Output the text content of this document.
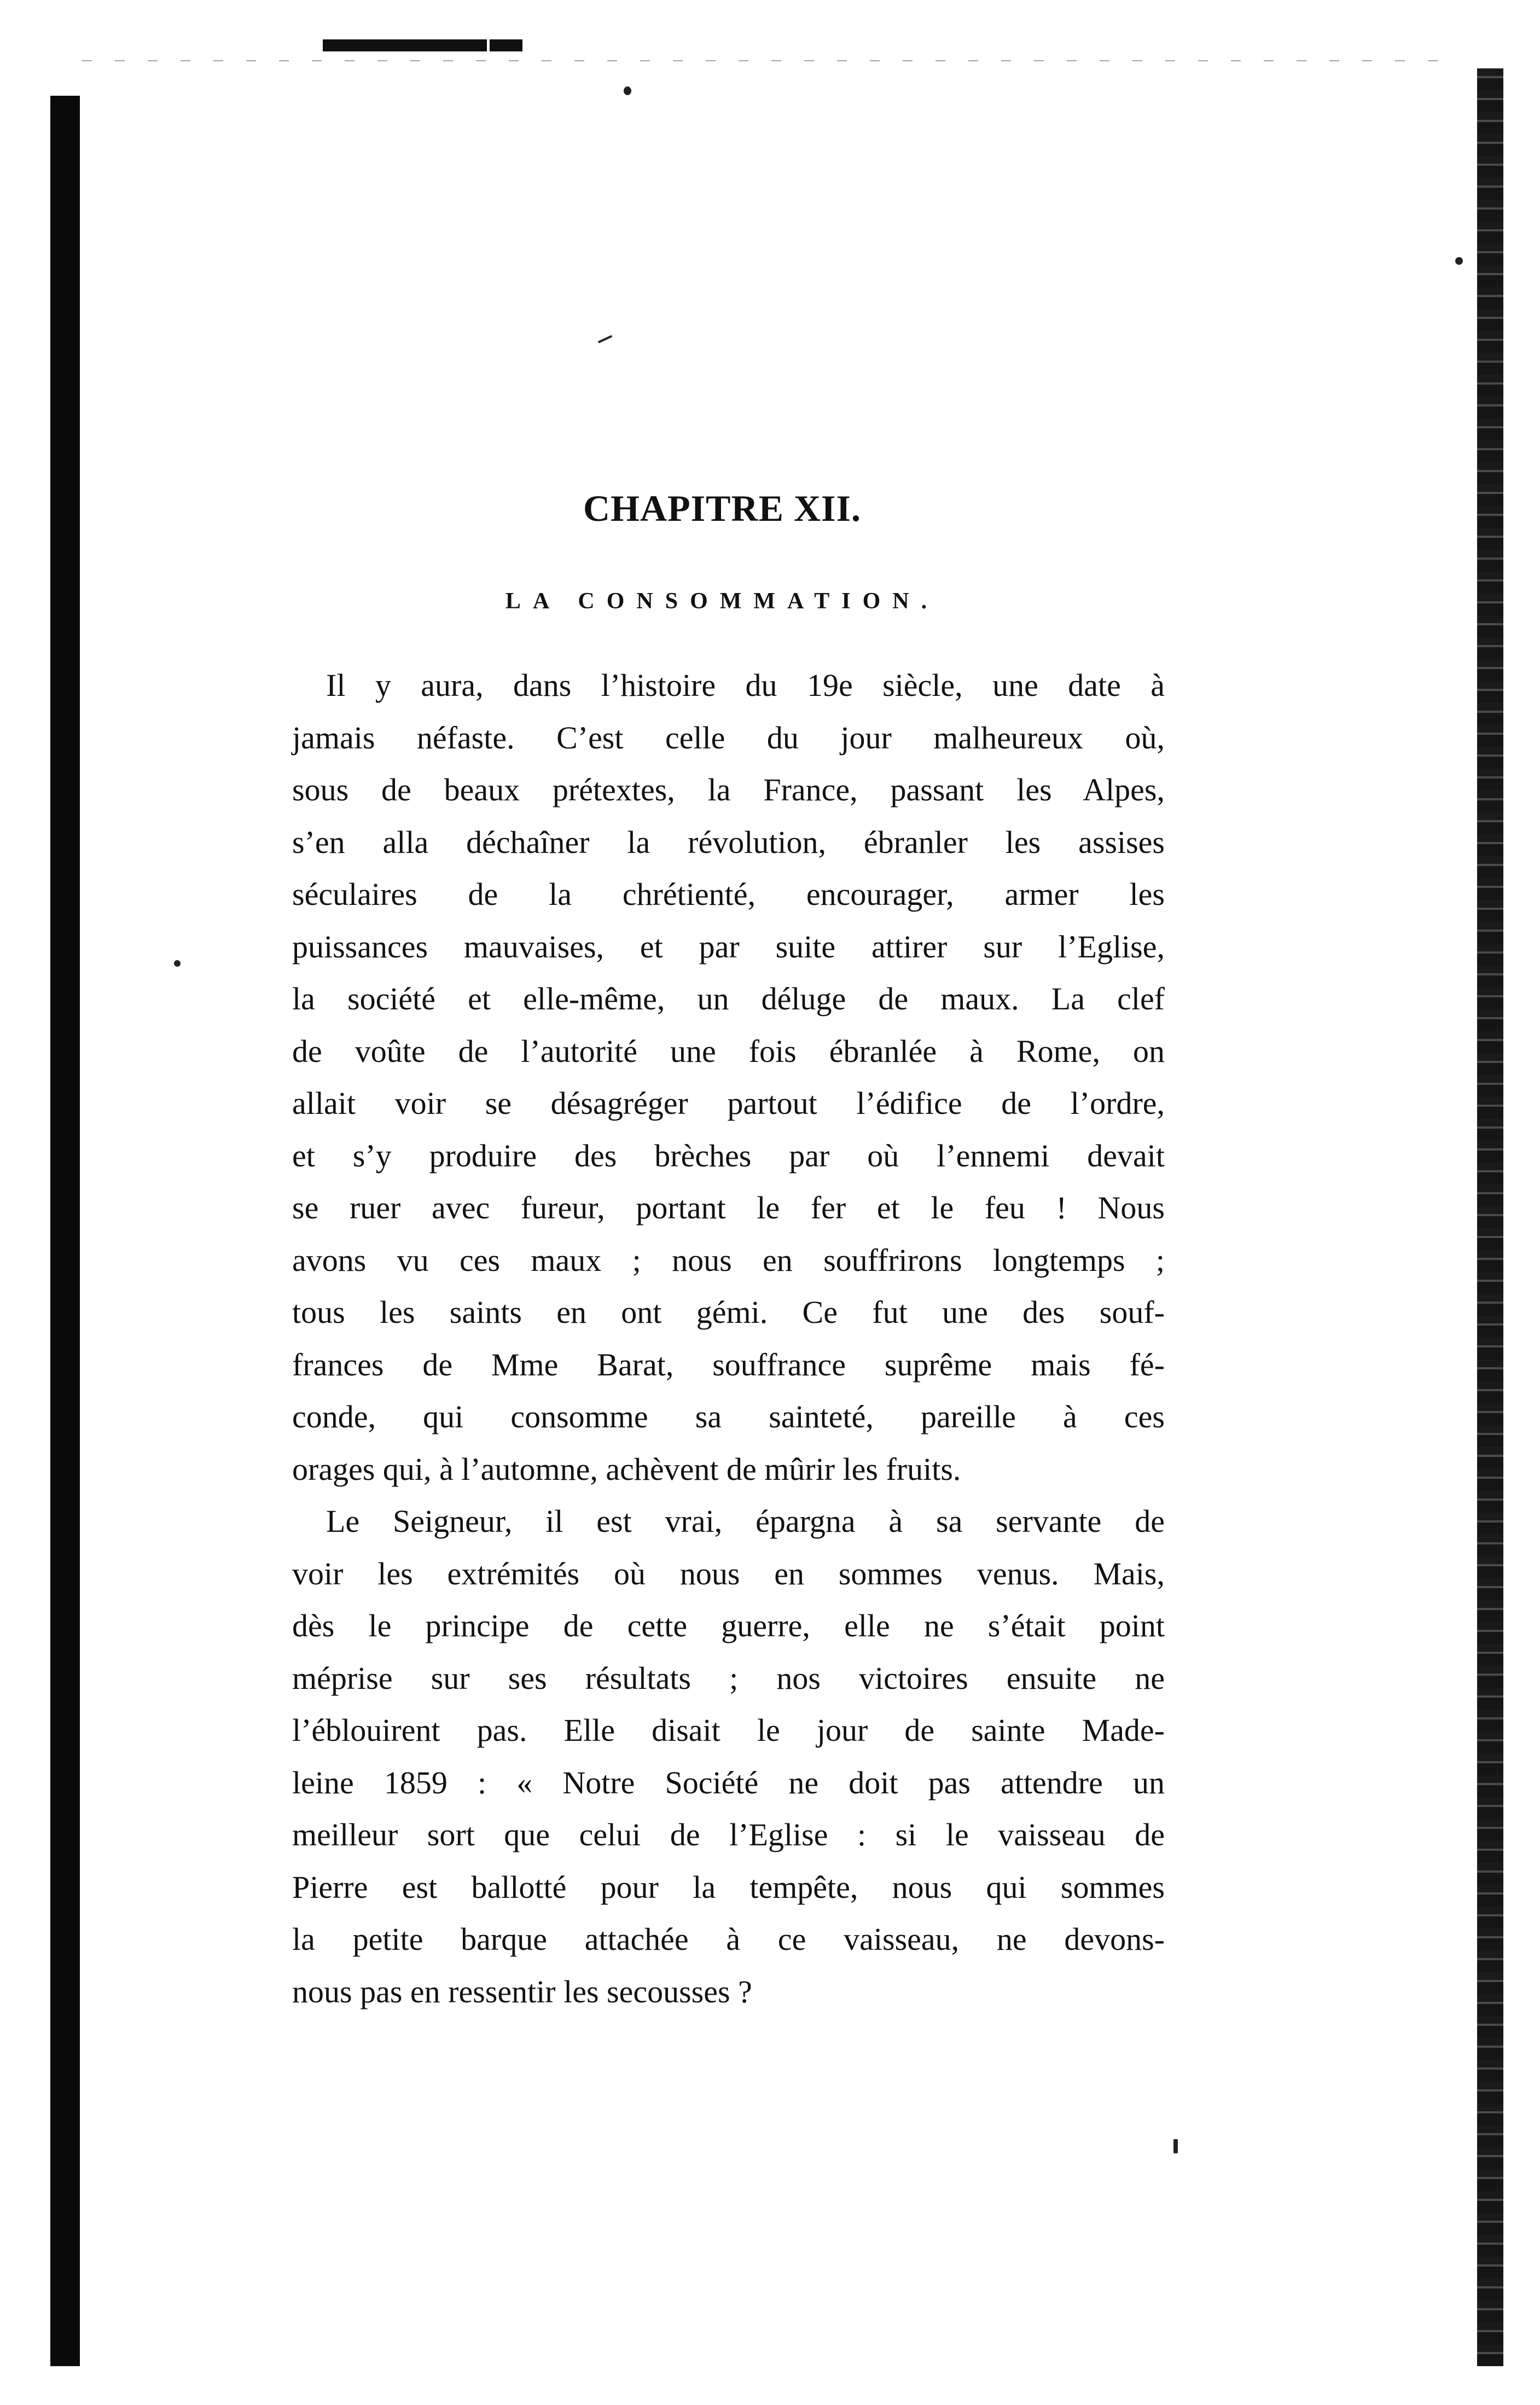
CHAPITRE XII.
LA CONSOMMATION.
Il y aura, dans l’histoire du 19e siècle, une date à
jamais néfaste. C’est celle du jour malheureux où,
sous de beaux prétextes, la France, passant les Alpes,
s’en alla déchaîner la révolution, ébranler les assises
séculaires de la chrétienté, encourager, armer les
puissances mauvaises, et par suite attirer sur l’Eglise,
la société et elle-même, un déluge de maux. La clef
de voûte de l’autorité une fois ébranlée à Rome, on
allait voir se désagréger partout l’édifice de l’ordre,
et s’y produire des brèches par où l’ennemi devait
se ruer avec fureur, portant le fer et le feu ! Nous
avons vu ces maux ; nous en souffrirons longtemps ;
tous les saints en ont gémi. Ce fut une des souf-
frances de Mme Barat, souffrance suprême mais fé-
conde, qui consomme sa sainteté, pareille à ces
orages qui, à l’automne, achèvent de mûrir les fruits.
Le Seigneur, il est vrai, épargna à sa servante de
voir les extrémités où nous en sommes venus. Mais,
dès le principe de cette guerre, elle ne s’était point
méprise sur ses résultats ; nos victoires ensuite ne
l’éblouirent pas. Elle disait le jour de sainte Made-
leine 1859 : « Notre Société ne doit pas attendre un
meilleur sort que celui de l’Eglise : si le vaisseau de
Pierre est ballotté pour la tempête, nous qui sommes
la petite barque attachée à ce vaisseau, ne devons-
nous pas en ressentir les secousses ?
